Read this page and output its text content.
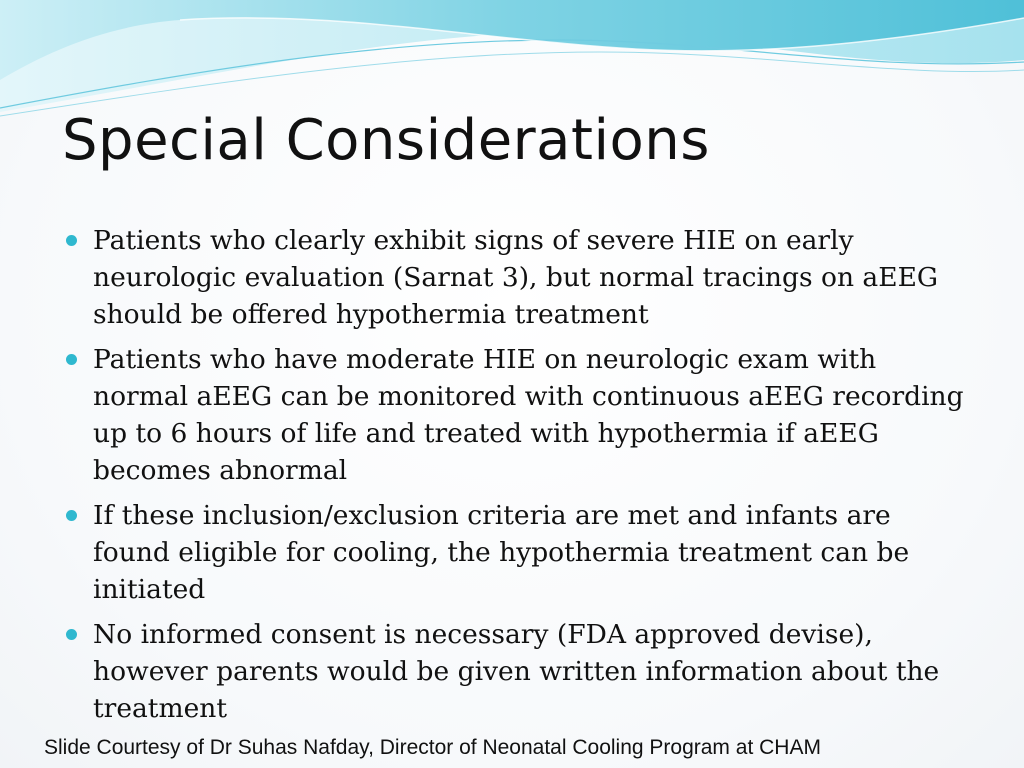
Special Considerations
Patients who clearly exhibit signs of severe HIE on early neurologic evaluation (Sarnat 3), but normal tracings on aEEG should be offered hypothermia treatment
Patients who have moderate HIE on neurologic exam with normal aEEG can be monitored with continuous aEEG recording up to 6 hours of life and treated with hypothermia if aEEG becomes abnormal
If these inclusion/exclusion criteria are met and infants are found eligible for cooling, the hypothermia treatment can be initiated
No informed consent is necessary (FDA approved devise), however parents would be given written information about the treatment
Slide Courtesy of Dr Suhas Nafday, Director of Neonatal Cooling Program at CHAM
